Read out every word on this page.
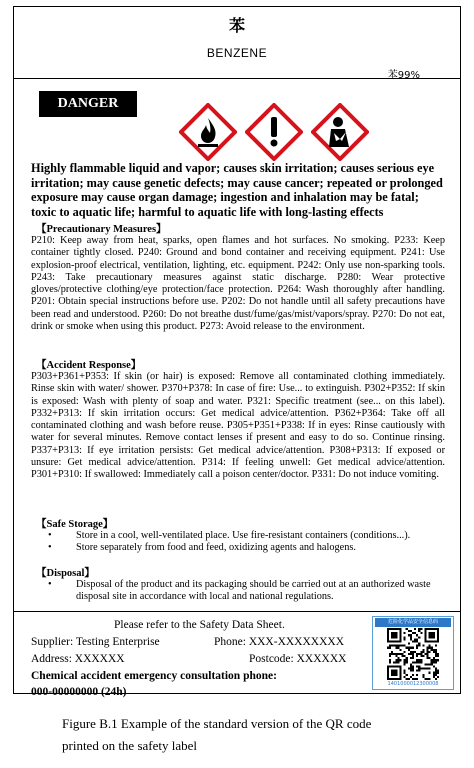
苯
BENZENE
苯99%
DANGER
Highly flammable liquid and vapor; causes skin irritation; causes serious eye irritation; may cause genetic defects; may cause cancer; repeated or prolonged exposure may cause organ damage; ingestion and inhalation may be fatal; toxic to aquatic life; harmful to aquatic life with long-lasting effects
【Precautionary Measures】
P210: Keep away from heat, sparks, open flames and hot surfaces. No smoking. P233: Keep container tightly closed. P240: Ground and bond container and receiving equipment. P241: Use explosion-proof electrical, ventilation, lighting, etc. equipment. P242: Only use non-sparking tools. P243: Take precautionary measures against static discharge. P280: Wear protective gloves/protective clothing/eye protection/face protection. P264: Wash thoroughly after handling. P201: Obtain special instructions before use. P202: Do not handle until all safety precautions have been read and understood. P260: Do not breathe dust/fume/gas/mist/vapors/spray. P270: Do not eat, drink or smoke when using this product. P273: Avoid release to the environment.
【Accident Response】
P303+P361+P353: If skin (or hair) is exposed: Remove all contaminated clothing immediately. Rinse skin with water/ shower. P370+P378: In case of fire: Use... to extinguish. P302+P352: If skin is exposed: Wash with plenty of soap and water. P321: Specific treatment (see... on this label). P332+P313: If skin irritation occurs: Get medical advice/attention. P362+P364: Take off all contaminated clothing and wash before reuse. P305+P351+P338: If in eyes: Rinse cautiously with water for several minutes. Remove contact lenses if present and easy to do so. Continue rinsing. P337+P313: If eye irritation persists: Get medical advice/attention. P308+P313: If exposed or unsure: Get medical advice/attention. P314: If feeling unwell: Get medical advice/attention. P301+P310: If swallowed: Immediately call a poison center/doctor. P331: Do not induce vomiting.
【Safe Storage】
• Store in a cool, well-ventilated place. Use fire-resistant containers (conditions...).
• Store separately from food and feed, oxidizing agents and halogens.
【Disposal】
• Disposal of the product and its packaging should be carried out at an authorized waste disposal site in accordance with local and national regulations.
Please refer to the Safety Data Sheet.
Supplier: Testing Enterprise	Phone: XXX-XXXXXXXX
Address: XXXXXX	Postcode: XXXXXX
Chemical accident emergency consultation phone:
000-00000000 (24h)
危险化学品安全信息码
1401000012300008
Figure B.1 Example of the standard version of the QR code
printed on the safety label
